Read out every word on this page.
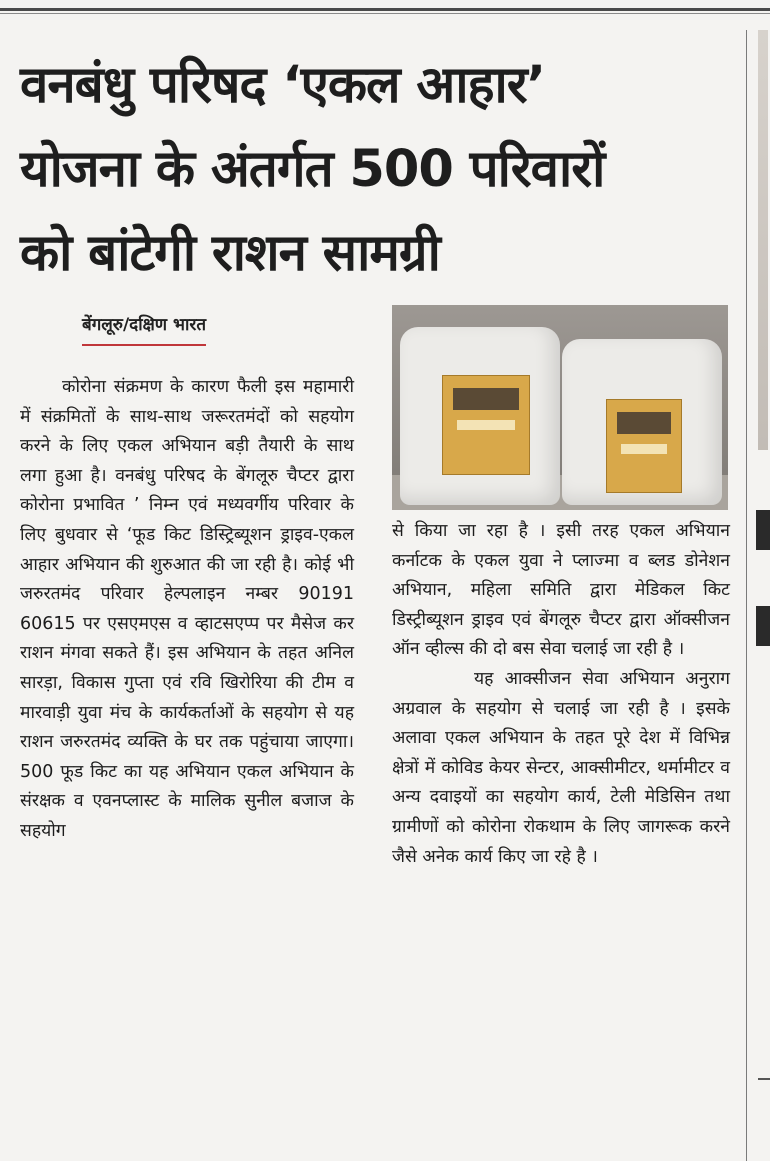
वनबंधु परिषद ‘एकल आहार’
योजना के अंतर्गत 500 परिवारों
को बांटेगी राशन सामग्री
बेंगलूरु/दक्षिण भारत

कोरोना संक्रमण के कारण फैली इस महामारी में संक्रमितों के साथ-साथ जरूरतमंदों को सहयोग करने के लिए एकल अभियान बड़ी तैयारी के साथ लगा हुआ है। वनबंधु परिषद के बेंगलूरु चैप्टर द्वारा कोरोना प्रभावित ’ निम्न एवं मध्यवर्गीय परिवार के लिए बुधवार से ‘फूड किट डिस्ट्रिब्यूशन ड्राइव-एकल आहार अभियान की शुरुआत की जा रही है। कोई भी जरुरतमंद परिवार हेल्पलाइन नम्बर 90191 60615 पर एसएमएस व व्हाटसएप्प पर मैसेज कर राशन मंगवा सकते हैं। इस अभियान के तहत अनिल सारड़ा, विकास गुप्ता एवं रवि खिरोरिया की टीम व मारवाड़ी युवा मंच के कार्यकर्ताओं के सहयोग से यह राशन जरुरतमंद व्यक्ति के घर तक पहुंचाया जाएगा। 500 फूड किट का यह अभियान एकल अभियान के संरक्षक व एवनप्लास्ट के मालिक सुनील बजाज के सहयोग

से किया जा रहा है । इसी तरह एकल अभियान कर्नाटक के एकल युवा ने प्लाज्मा व ब्लड डोनेशन अभियान, महिला समिति द्वारा मेडिकल किट डिस्ट्रीब्यूशन ड्राइव एवं बेंगलूरु चैप्टर द्वारा ऑक्सीजन ऑन व्हील्स की दो बस सेवा चलाई जा रही है ।

यह आक्सीजन सेवा अभियान अनुराग अग्रवाल के सहयोग से चलाई जा रही है । इसके अलावा एकल अभियान के तहत पूरे देश में विभिन्न क्षेत्रों में कोविड केयर सेन्टर, आक्सीमीटर, थर्मामीटर व अन्य दवाइयों का सहयोग कार्य, टेली मेडिसिन तथा ग्रामीणों को कोरोना रोकथाम के लिए जागरूक करने जैसे अनेक कार्य किए जा रहे है ।
